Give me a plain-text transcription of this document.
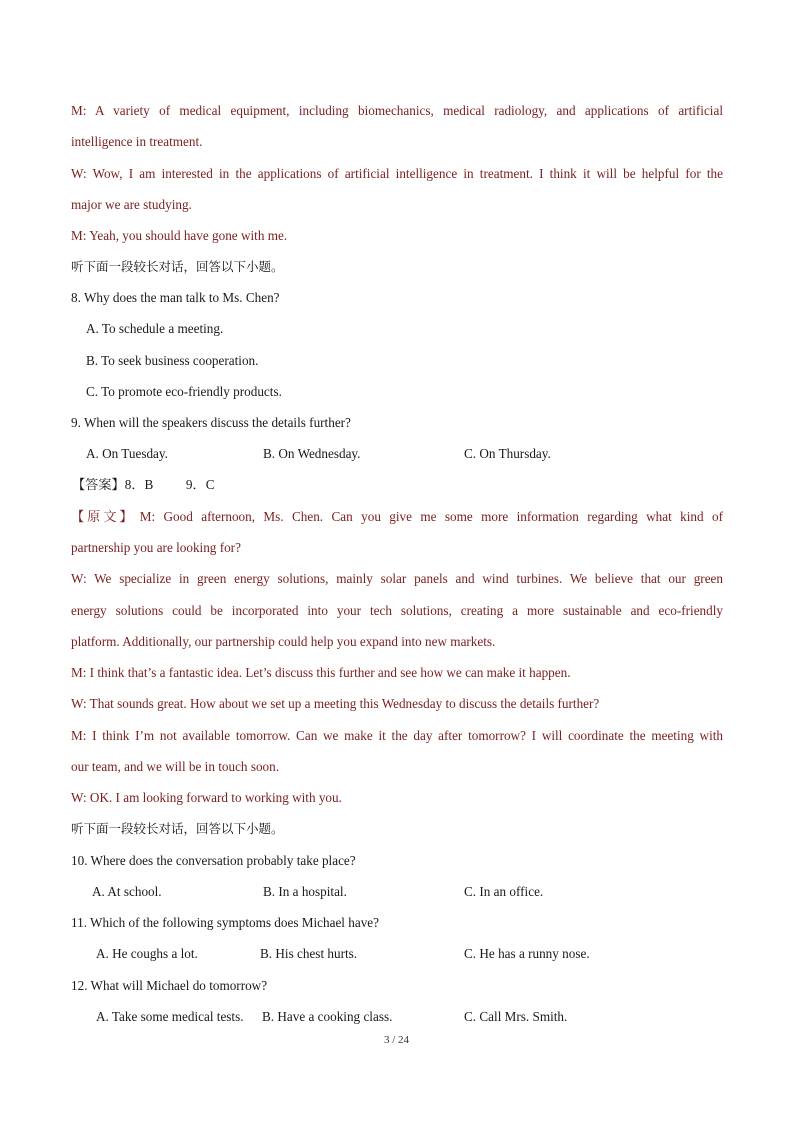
M: A variety of medical equipment, including biomechanics, medical radiology, and applications of artificial
intelligence in treatment.
W: Wow, I am interested in the applications of artificial intelligence in treatment. I think it will be helpful for the
major we are studying.
M: Yeah, you should have gone with me.
听下面一段较长对话，回答以下小题。
8. Why does the man talk to Ms. Chen?
A. To schedule a meeting.
B. To seek business cooperation.
C. To promote eco-friendly products.
9. When will the speakers discuss the details further?
A. On Tuesday.	B. On Wednesday.	C. On Thursday.
【答案】8．B 9．C
【原文】 M: Good afternoon, Ms. Chen. Can you give me some more information regarding what kind of
partnership you are looking for?
W: We specialize in green energy solutions, mainly solar panels and wind turbines. We believe that our green
energy solutions could be incorporated into your tech solutions, creating a more sustainable and eco-friendly
platform. Additionally, our partnership could help you expand into new markets.
M: I think that’s a fantastic idea. Let’s discuss this further and see how we can make it happen.
W: That sounds great. How about we set up a meeting this Wednesday to discuss the details further?
M: I think I’m not available tomorrow. Can we make it the day after tomorrow? I will coordinate the meeting with
our team, and we will be in touch soon.
W: OK. I am looking forward to working with you.
听下面一段较长对话，回答以下小题。
10. Where does the conversation probably take place?
A. At school.	B. In a hospital.	C. In an office.
11. Which of the following symptoms does Michael have?
A. He coughs a lot.	B. His chest hurts.	C. He has a runny nose.
12. What will Michael do tomorrow?
A. Take some medical tests. B. Have a cooking class.	C. Call Mrs. Smith.
3 / 24
